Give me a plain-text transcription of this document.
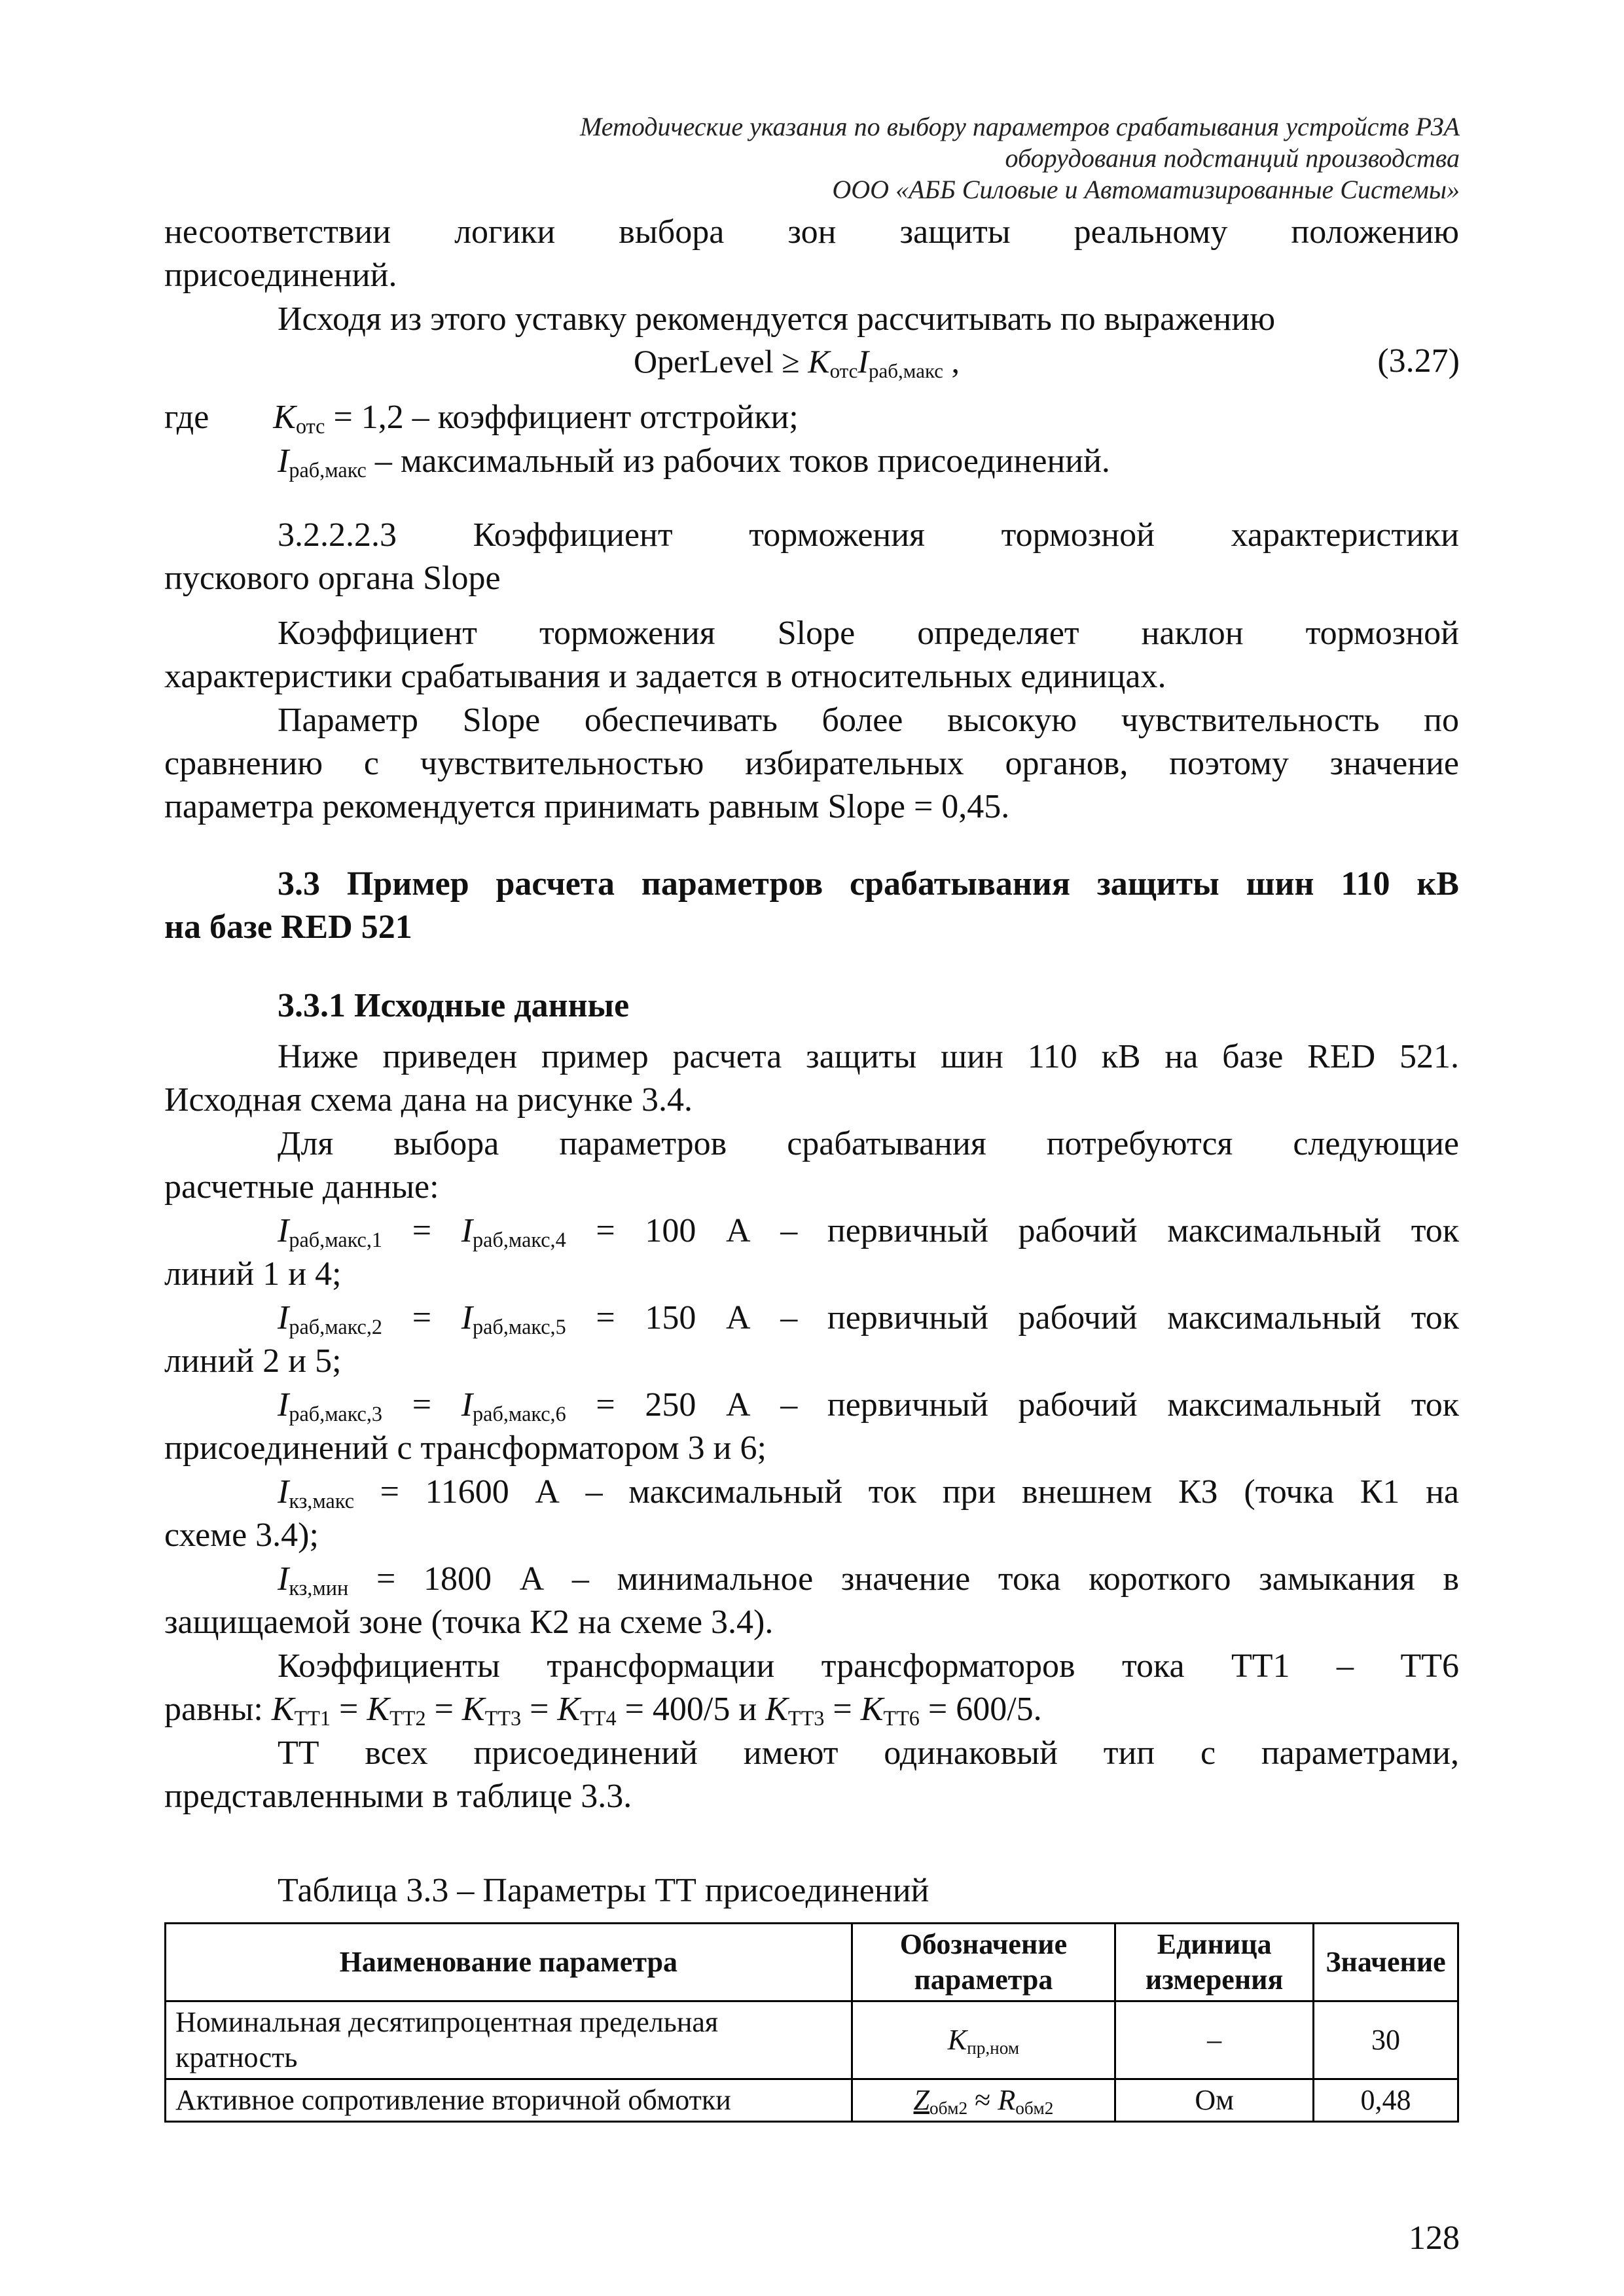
Методические указания по выбору параметров срабатывания устройств РЗА
оборудования подстанций производства
ООО «АББ Силовые и Автоматизированные Системы»
несоответствии логики выбора зон защиты реальному положению
присоединений.
Исходя из этого уставку рекомендуется рассчитывать по выражению
OperLevel ≥ $K_{отс}I_{раб,макс}$ ,	(3.27)
где $K_{отс} = 1,2$ – коэффициент отстройки;
$I_{раб,макс}$ – максимальный из рабочих токов присоединений.
3.2.2.2.3 Коэффициент торможения тормозной характеристики
пускового органа Slope
Коэффициент торможения Slope определяет наклон тормозной
характеристики срабатывания и задается в относительных единицах.
Параметр Slope обеспечивать более высокую чувствительность по
сравнению с чувствительностью избирательных органов, поэтому значение
параметра рекомендуется принимать равным Slope = 0,45.
3.3 Пример расчета параметров срабатывания защиты шин 110 кВ
на базе RED 521
3.3.1 Исходные данные
Ниже приведен пример расчета защиты шин 110 кВ на базе RED 521.
Исходная схема дана на рисунке 3.4.
Для выбора параметров срабатывания потребуются следующие
расчетные данные:
$I_{раб,макс,1} = I_{раб,макс,4} = 100$ А – первичный рабочий максимальный ток
линий 1 и 4;
$I_{раб,макс,2} = I_{раб,макс,5} = 150$ А – первичный рабочий максимальный ток
линий 2 и 5;
$I_{раб,макс,3} = I_{раб,макс,6} = 250$ А – первичный рабочий максимальный ток
присоединений с трансформатором 3 и 6;
$I_{кз,макс} = 11600$ А – максимальный ток при внешнем КЗ (точка К1 на
схеме 3.4);
$I_{кз,мин} = 1800$ А – минимальное значение тока короткого замыкания в
защищаемой зоне (точка К2 на схеме 3.4).
Коэффициенты трансформации трансформаторов тока ТТ1 – ТТ6
равны: $K_{ТТ1} = K_{ТТ2} = K_{ТТ3} = K_{ТТ4} = 400/5$ и $K_{ТТ3} = K_{ТТ6} = 600/5$.
ТТ всех присоединений имеют одинаковый тип с параметрами,
представленными в таблице 3.3.
Таблица 3.3 – Параметры ТТ присоединений
Наименование параметра	Обозначение параметра	Единица измерения	Значение
Номинальная десятипроцентная предельная кратность	$K_{пр,ном}$	–	30
Активное сопротивление вторичной обмотки	$Z_{обм2} \approx R_{обм2}$	Ом	0,48
128
